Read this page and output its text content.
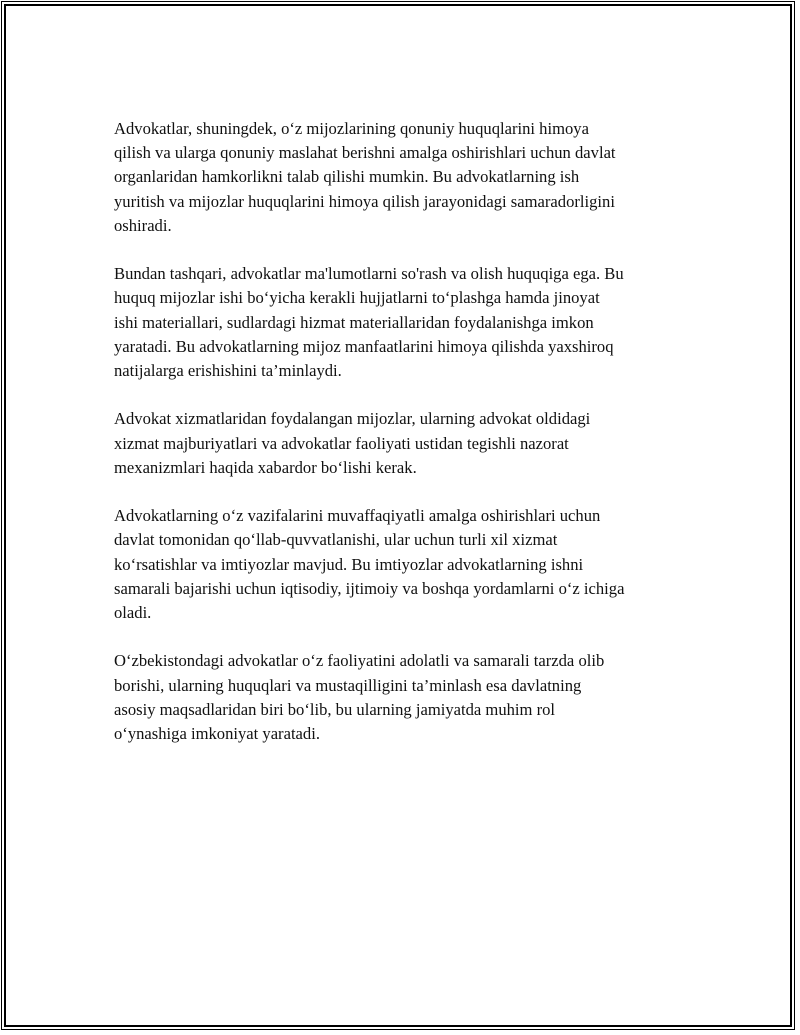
Advokatlar, shuningdek, o‘z mijozlarining qonuniy huquqlarini himoya
qilish va ularga qonuniy maslahat berishni amalga oshirishlari uchun davlat
organlaridan hamkorlikni talab qilishi mumkin. Bu advokatlarning ish
yuritish va mijozlar huquqlarini himoya qilish jarayonidagi samaradorligini
oshiradi.

Bundan tashqari, advokatlar ma'lumotlarni so'rash va olish huquqiga ega. Bu
huquq mijozlar ishi bo‘yicha kerakli hujjatlarni to‘plashga hamda jinoyat
ishi materiallari, sudlardagi hizmat materiallaridan foydalanishga imkon
yaratadi. Bu advokatlarning mijoz manfaatlarini himoya qilishda yaxshiroq
natijalarga erishishini ta’minlaydi.

Advokat xizmatlaridan foydalangan mijozlar, ularning advokat oldidagi
xizmat majburiyatlari va advokatlar faoliyati ustidan tegishli nazorat
mexanizmlari haqida xabardor bo‘lishi kerak.

Advokatlarning o‘z vazifalarini muvaffaqiyatli amalga oshirishlari uchun
davlat tomonidan qo‘llab-quvvatlanishi, ular uchun turli xil xizmat
ko‘rsatishlar va imtiyozlar mavjud. Bu imtiyozlar advokatlarning ishni
samarali bajarishi uchun iqtisodiy, ijtimoiy va boshqa yordamlarni o‘z ichiga
oladi.

O‘zbekistondagi advokatlar o‘z faoliyatini adolatli va samarali tarzda olib
borishi, ularning huquqlari va mustaqilligini ta’minlash esa davlatning
asosiy maqsadlaridan biri bo‘lib, bu ularning jamiyatda muhim rol
o‘ynashiga imkoniyat yaratadi.
